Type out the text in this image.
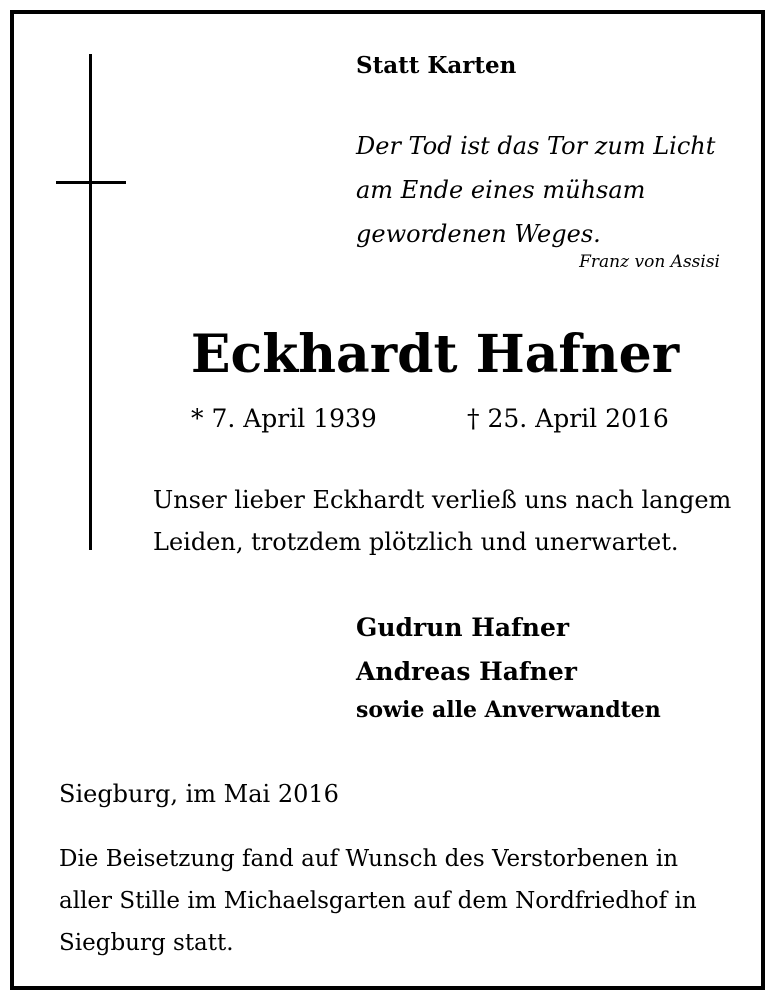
Statt Karten
Der Tod ist das Tor zum Licht
am Ende eines mühsam
gewordenen Weges.
Franz von Assisi
Eckhardt Hafner
* 7. April 1939	† 25. April 2016
Unser lieber Eckhardt verließ uns nach langem
Leiden, trotzdem plötzlich und unerwartet.
Gudrun Hafner
Andreas Hafner
sowie alle Anverwandten
Siegburg, im Mai 2016
Die Beisetzung fand auf Wunsch des Verstorbenen in
aller Stille im Michaelsgarten auf dem Nordfriedhof in
Siegburg statt.
